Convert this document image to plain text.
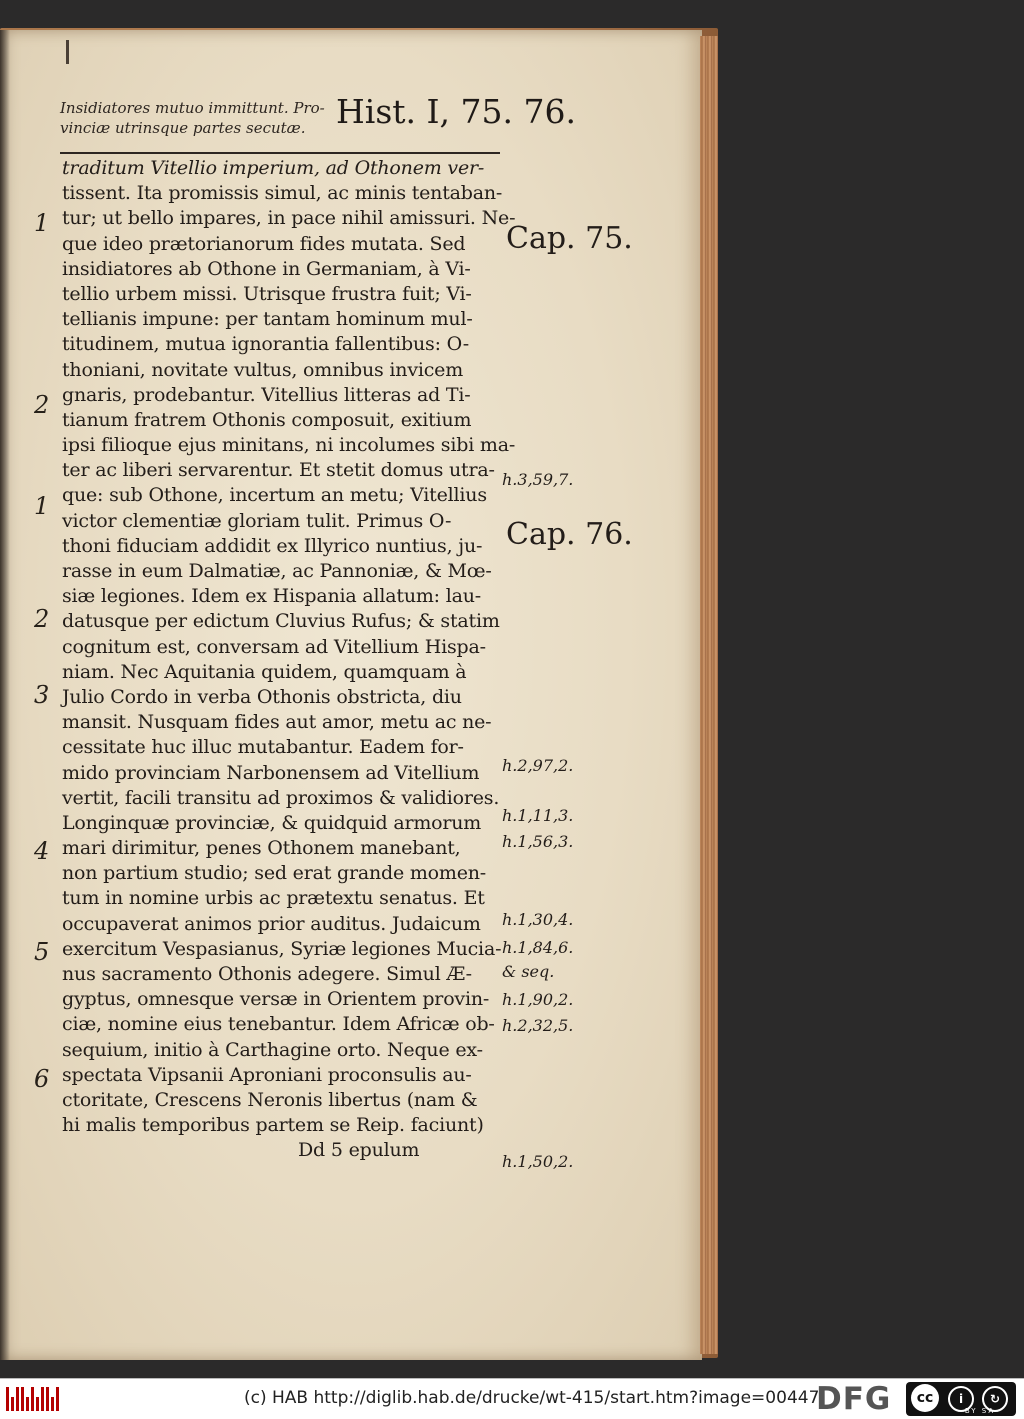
Insidiatores mutuo immittunt. Pro-
vinciæ utrinsque partes secutæ. Hist. I, 75. 76.
traditum Vitellio imperium, ad Othonem ver-
tissent. Ita promissis simul, ac minis tentaban-
tur; ut bello impares, in pace nihil amissuri. Ne-
que ideo prætorianorum fides mutata. Sed
insidiatores ab Othone in Germaniam, à Vi-
tellio urbem missi. Utrisque frustra fuit; Vi-
tellianis impune: per tantam hominum mul-
titudinem, mutua ignorantia fallentibus: O-
thoniani, novitate vultus, omnibus invicem
gnaris, prodebantur. Vitellius litteras ad Ti-
tianum fratrem Othonis composuit, exitium
ipsi filioque ejus minitans, ni incolumes sibi ma-
ter ac liberi servarentur. Et stetit domus utra-
que: sub Othone, incertum an metu; Vitellius
victor clementiæ gloriam tulit. Primus O-
thoni fiduciam addidit ex Illyrico nuntius, ju-
rasse in eum Dalmatiæ, ac Pannoniæ, & Mœ-
siæ legiones. Idem ex Hispania allatum: lau-
datusque per edictum Cluvius Rufus; & statim
cognitum est, conversam ad Vitellium Hispa-
niam. Nec Aquitania quidem, quamquam à
Julio Cordo in verba Othonis obstricta, diu
mansit. Nusquam fides aut amor, metu ac ne-
cessitate huc illuc mutabantur. Eadem for-
mido provinciam Narbonensem ad Vitellium
vertit, facili transitu ad proximos & validiores.
Longinquæ provinciæ, & quidquid armorum
mari dirimitur, penes Othonem manebant,
non partium studio; sed erat grande momen-
tum in nomine urbis ac prætextu senatus. Et
occupaverat animos prior auditus. Judaicum
exercitum Vespasianus, Syriæ legiones Mucia-
nus sacramento Othonis adegere. Simul Æ-
gyptus, omnesque versæ in Orientem provin-
ciæ, nomine eius tenebantur. Idem Africæ ob-
sequium, initio à Carthagine orto. Neque ex-
spectata Vipsanii Aproniani proconsulis au-
ctoritate, Crescens Neronis libertus (nam &
hi malis temporibus partem se Reip. faciunt)
Dd 5 epulum
1
2
1
2
3
4
5
6
Cap. 75.
Cap. 76.
h.3,59,7.
h.2,97,2.
h.1,11,3.
h.1,56,3.
h.1,30,4.
h.1,84,6.
& seq.
h.1,90,2.
h.2,32,5.
h.1,50,2.
(c) HAB http://diglib.hab.de/drucke/wt-415/start.htm?image=00447
DFG	cc	i	↻
BY SA
